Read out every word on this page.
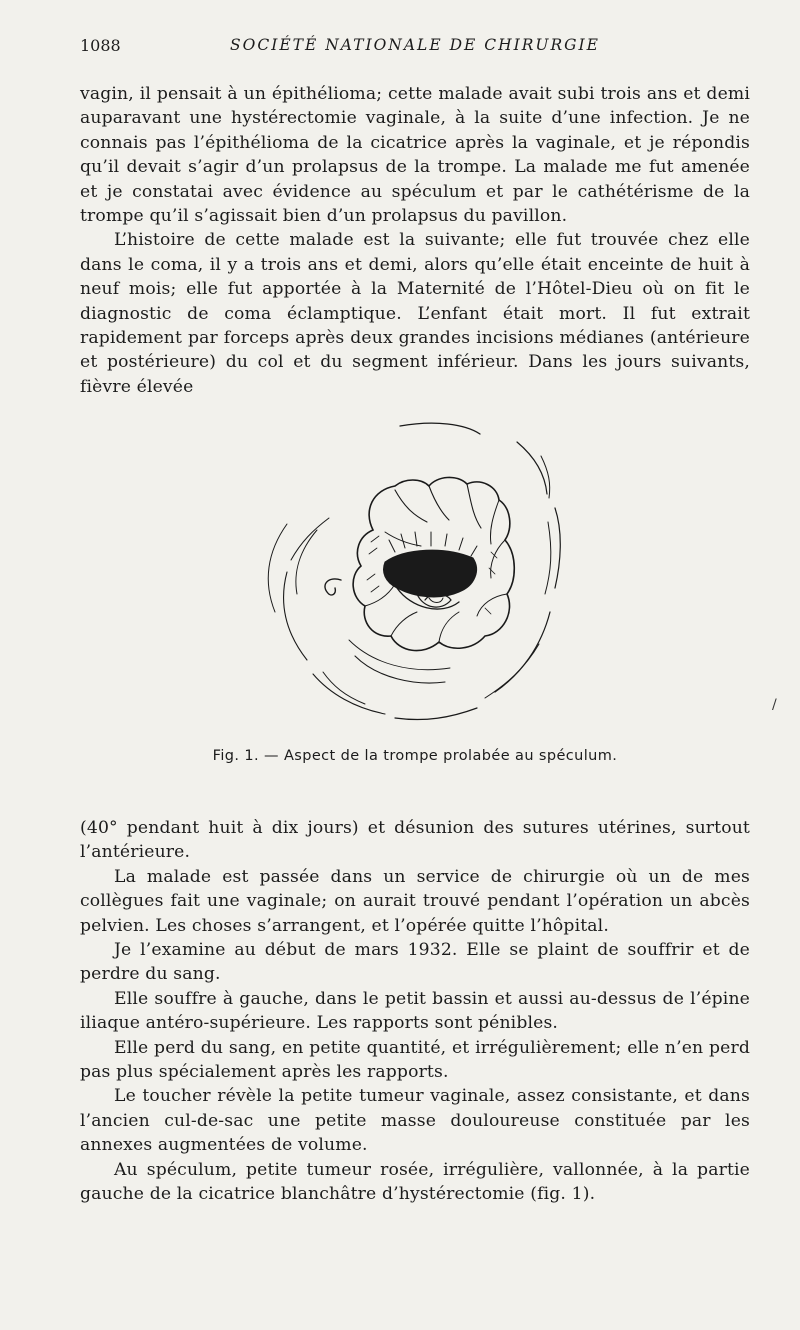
1088	SOCIÉTÉ NATIONALE DE CHIRURGIE

vagin, il pensait à un épithélioma; cette malade avait subi trois ans et demi auparavant une hystérectomie vaginale, à la suite d’une infection. Je ne connais pas l’épithélioma de la cicatrice après la vaginale, et je répondis qu’il devait s’agir d’un prolapsus de la trompe. La malade me fut amenée et je constatai avec évidence au spéculum et par le cathétérisme de la trompe qu’il s’agissait bien d’un prolapsus du pavillon.

L’histoire de cette malade est la suivante; elle fut trouvée chez elle dans le coma, il y a trois ans et demi, alors qu’elle était enceinte de huit à neuf mois; elle fut apportée à la Maternité de l’Hôtel-Dieu où on fit le diagnostic de coma éclamptique. L’enfant était mort. Il fut extrait rapidement par forceps après deux grandes incisions médianes (antérieure et postérieure) du col et du segment inférieur. Dans les jours suivants, fièvre élevée

Fig. 1. — Aspect de la trompe prolabée au spéculum.
/

(40° pendant huit à dix jours) et désunion des sutures utérines, surtout l’antérieure.

La malade est passée dans un service de chirurgie où un de mes collègues fait une vaginale; on aurait trouvé pendant l’opération un abcès pelvien. Les choses s’arrangent, et l’opérée quitte l’hôpital.

Je l’examine au début de mars 1932. Elle se plaint de souffrir et de perdre du sang.

Elle souffre à gauche, dans le petit bassin et aussi au-dessus de l’épine iliaque antéro-supérieure. Les rapports sont pénibles.

Elle perd du sang, en petite quantité, et irrégulièrement; elle n’en perd pas plus spécialement après les rapports.

Le toucher révèle la petite tumeur vaginale, assez consistante, et dans l’ancien cul-de-sac une petite masse douloureuse constituée par les annexes augmentées de volume.

Au spéculum, petite tumeur rosée, irrégulière, vallonnée, à la partie gauche de la cicatrice blanchâtre d’hystérectomie (fig. 1).
